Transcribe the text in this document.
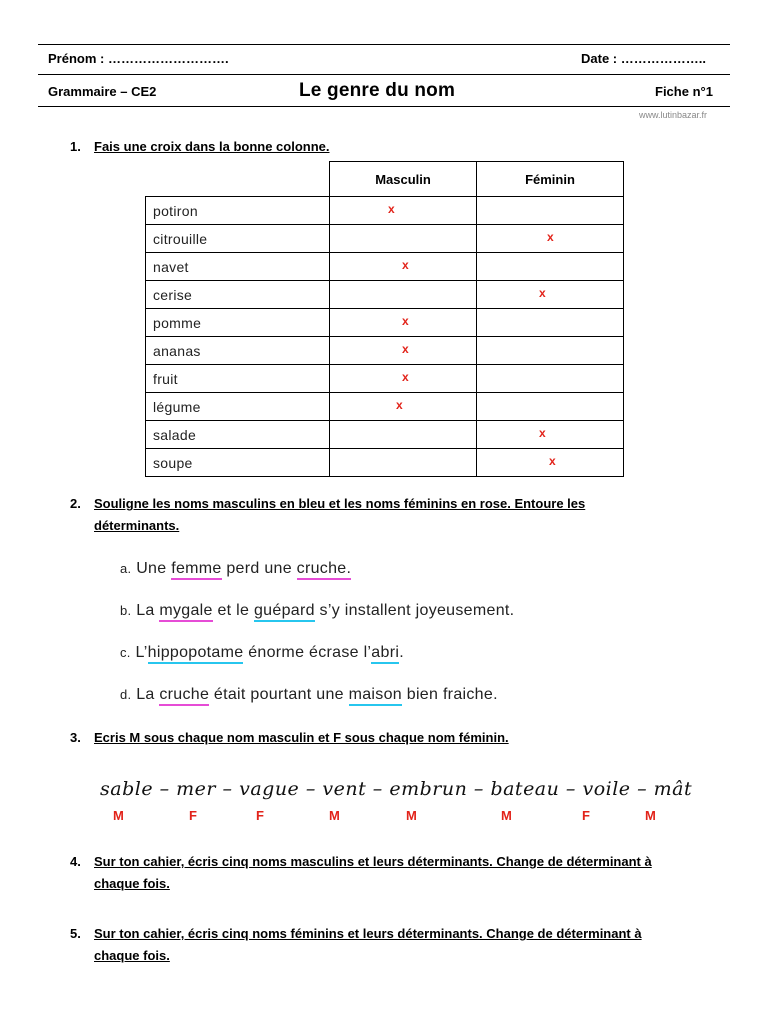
Prénom : ……………………….	Date : ………………..
Grammaire – CE2	Le genre du nom	Fiche n°1
www.lutinbazar.fr
1. Fais une croix dans la bonne colonne.
	Masculin	Féminin
potiron	x	

citrouille		x

navet	x	

cerise		x

pomme	x	

ananas	x	

fruit	x	

légume	x	

salade		x

soupe		x
2. Souligne les noms masculins en bleu et les noms féminins en rose. Entoure les
déterminants.
a. Une femme perd une cruche.
b. La mygale et le guépard s’y installent joyeusement.
c. L’hippopotame énorme écrase l’abri.
d. La cruche était pourtant une maison bien fraiche.
3. Ecris M sous chaque nom masculin et F sous chaque nom féminin.
sable – mer – vague – vent – embrun – bateau – voile – mât
M	F	F	M	M	M	F	M
4. Sur ton cahier, écris cinq noms masculins et leurs déterminants. Change de déterminant à
chaque fois.
5. Sur ton cahier, écris cinq noms féminins et leurs déterminants. Change de déterminant à
chaque fois.
